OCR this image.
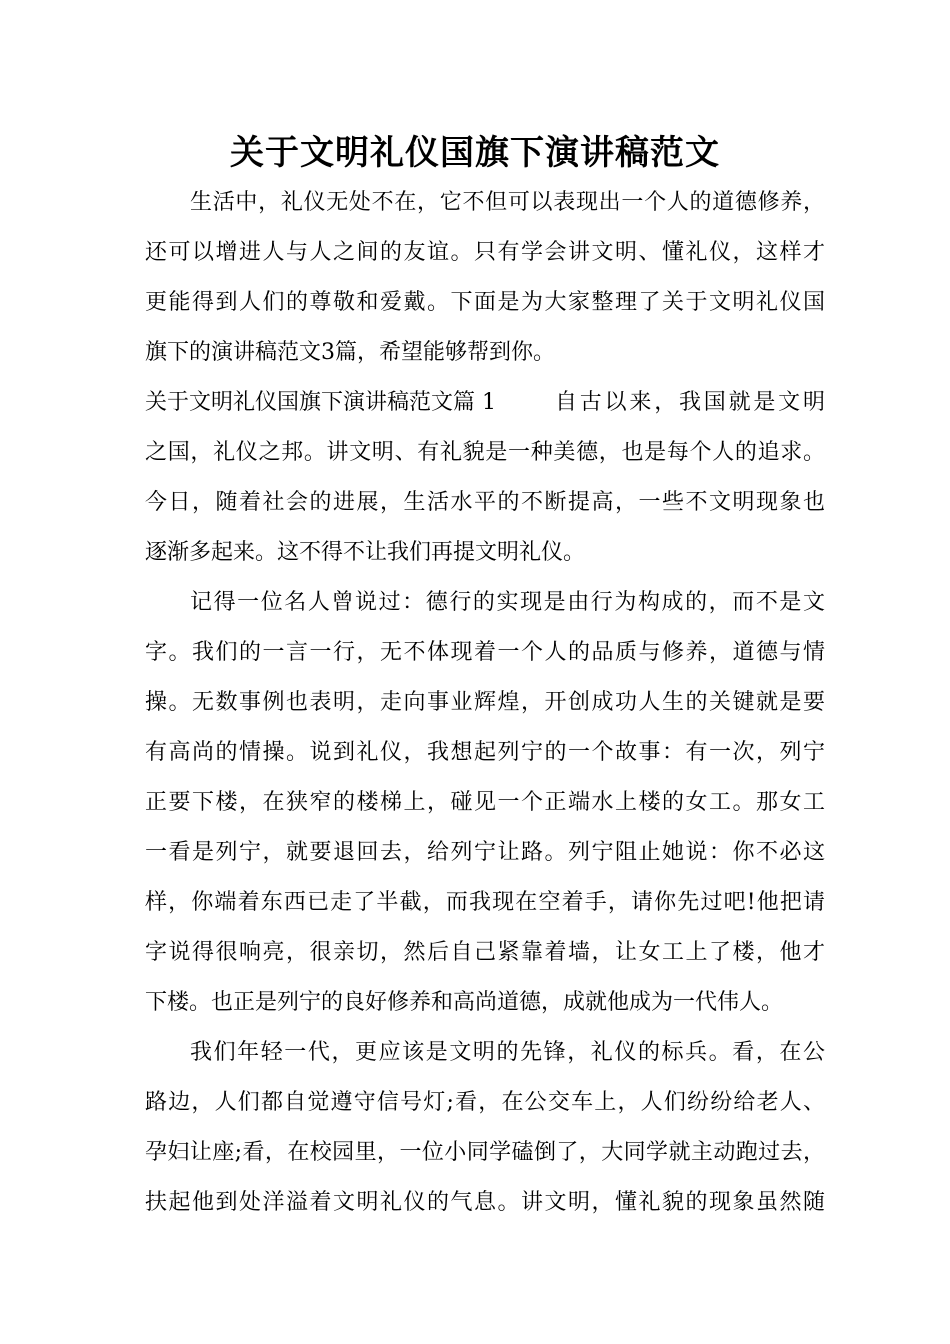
关于文明礼仪国旗下演讲稿范文
生活中，礼仪无处不在，它不但可以表现出一个人的道德修养，
还可以增进人与人之间的友谊。只有学会讲文明、懂礼仪，这样才
更能得到人们的尊敬和爱戴。下面是为大家整理了关于文明礼仪国
旗下的演讲稿范文3篇，希望能够帮到你。
关于文明礼仪国旗下演讲稿范文篇 1	自古以来，我国就是文明
之国，礼仪之邦。讲文明、有礼貌是一种美德，也是每个人的追求。
今日，随着社会的进展，生活水平的不断提高，一些不文明现象也
逐渐多起来。这不得不让我们再提文明礼仪。
记得一位名人曾说过：德行的实现是由行为构成的，而不是文
字。我们的一言一行，无不体现着一个人的品质与修养，道德与情
操。无数事例也表明，走向事业辉煌，开创成功人生的关键就是要
有高尚的情操。说到礼仪，我想起列宁的一个故事：有一次，列宁
正要下楼，在狭窄的楼梯上，碰见一个正端水上楼的女工。那女工
一看是列宁，就要退回去，给列宁让路。列宁阻止她说：你不必这
样，你端着东西已走了半截，而我现在空着手，请你先过吧!他把请
字说得很响亮，很亲切，然后自己紧靠着墙，让女工上了楼，他才
下楼。也正是列宁的良好修养和高尚道德，成就他成为一代伟人。
我们年轻一代，更应该是文明的先锋，礼仪的标兵。看，在公
路边，人们都自觉遵守信号灯;看，在公交车上，人们纷纷给老人、
孕妇让座;看，在校园里，一位小同学磕倒了，大同学就主动跑过去，
扶起他到处洋溢着文明礼仪的气息。讲文明，懂礼貌的现象虽然随
